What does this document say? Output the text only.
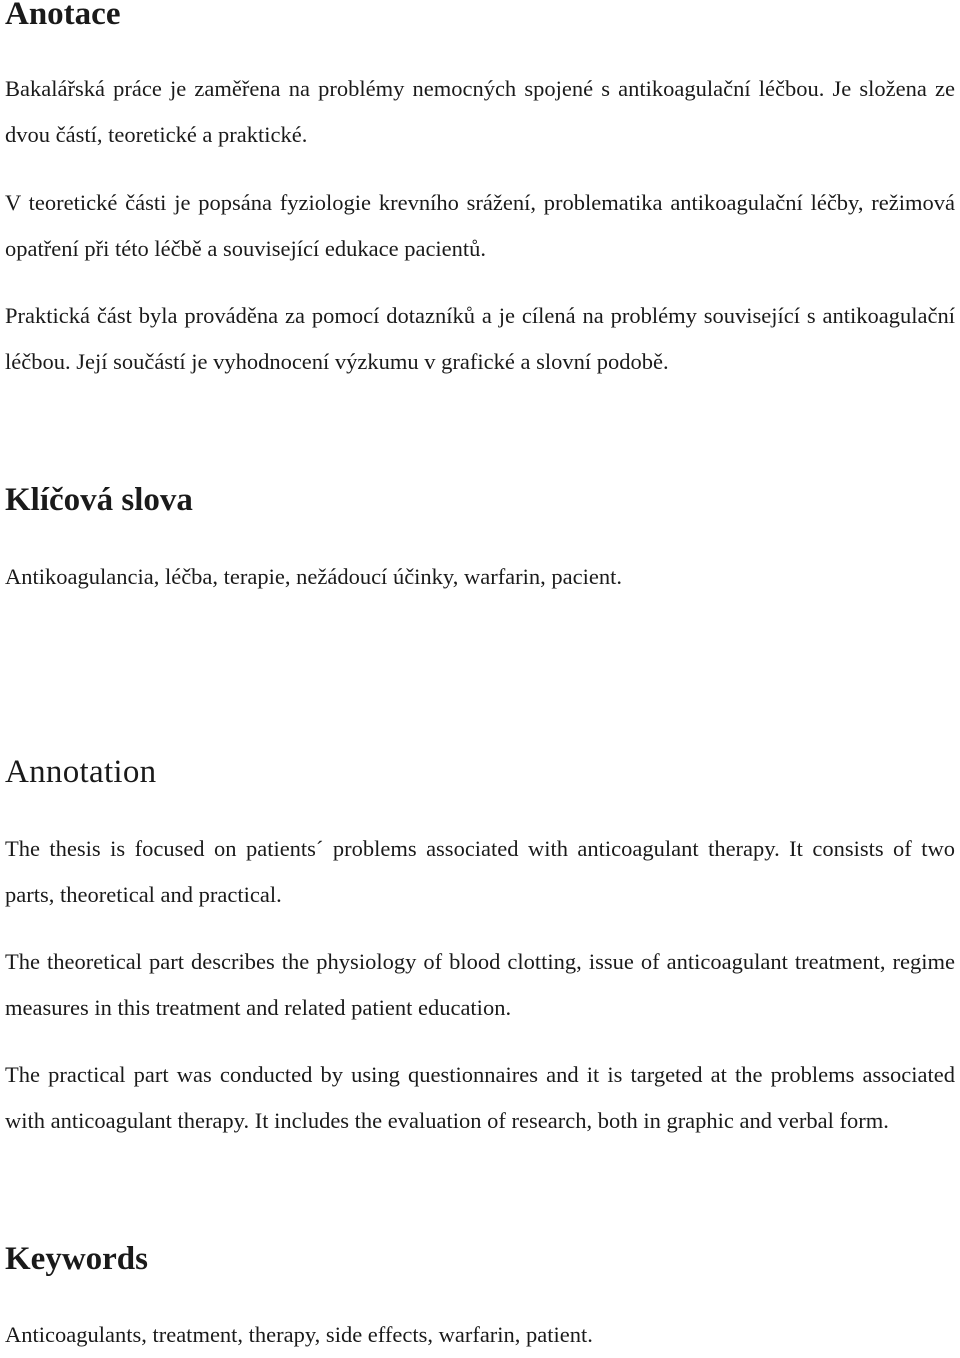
Anotace

Bakalářská práce je zaměřena na problémy nemocných spojené s antikoagulační léčbou. Je složena ze dvou částí, teoretické a praktické.

V teoretické části je popsána fyziologie krevního srážení, problematika antikoagulační léčby, režimová opatření při této léčbě a související edukace pacientů.

Praktická část byla prováděna za pomocí dotazníků a je cílená na problémy související s antikoagulační léčbou. Její součástí je vyhodnocení výzkumu v grafické a slovní podobě.

Klíčová slova

Antikoagulancia, léčba, terapie, nežádoucí účinky, warfarin, pacient.

Annotation

The thesis is focused on patients´ problems associated with anticoagulant therapy. It consists of two parts, theoretical and practical.

The theoretical part describes the physiology of blood clotting, issue of anticoagulant treatment, regime measures in this treatment and related patient education.

The practical part was conducted by using questionnaires and it is targeted at the problems associated with anticoagulant therapy. It includes the evaluation of research, both in graphic and verbal form.

Keywords

Anticoagulants, treatment, therapy, side effects, warfarin, patient.
